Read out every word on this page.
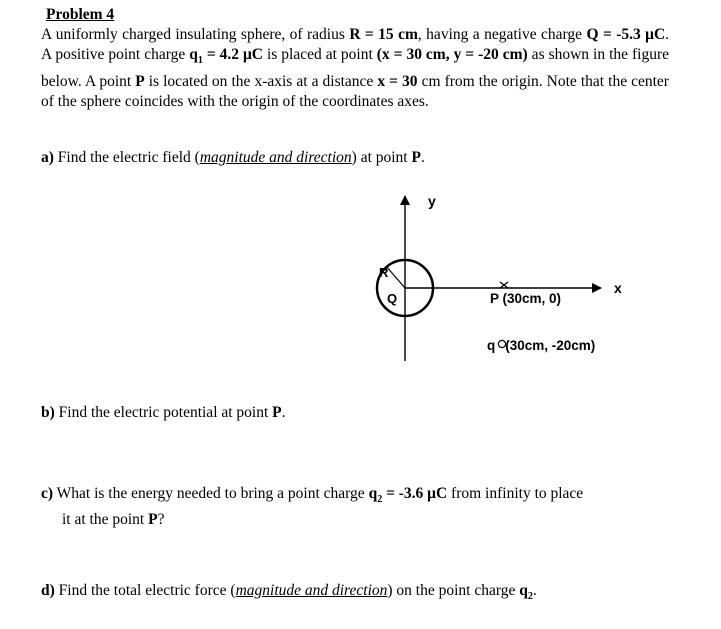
Problem 4

A uniformly charged insulating sphere, of radius R = 15 cm, having a negative charge Q = -5.3 μC. A positive point charge $q_1 = 4.2$ μC is placed at point (x = 30 cm, y = -20 cm) as shown in the figure below. A point P is located on the x-axis at a distance x = 30 cm from the origin. Note that the center of the sphere coincides with the origin of the coordinates axes.

a) Find the electric field (magnitude and direction) at point P.

y
x
R
Q	P (30cm, 0)
q (30cm, -20cm)

b) Find the electric potential at point P.

c) What is the energy needed to bring a point charge $q_2 = -3.6$ μC from infinity to place
it at the point P?

d) Find the total electric force (magnitude and direction) on the point charge $q_2$.
